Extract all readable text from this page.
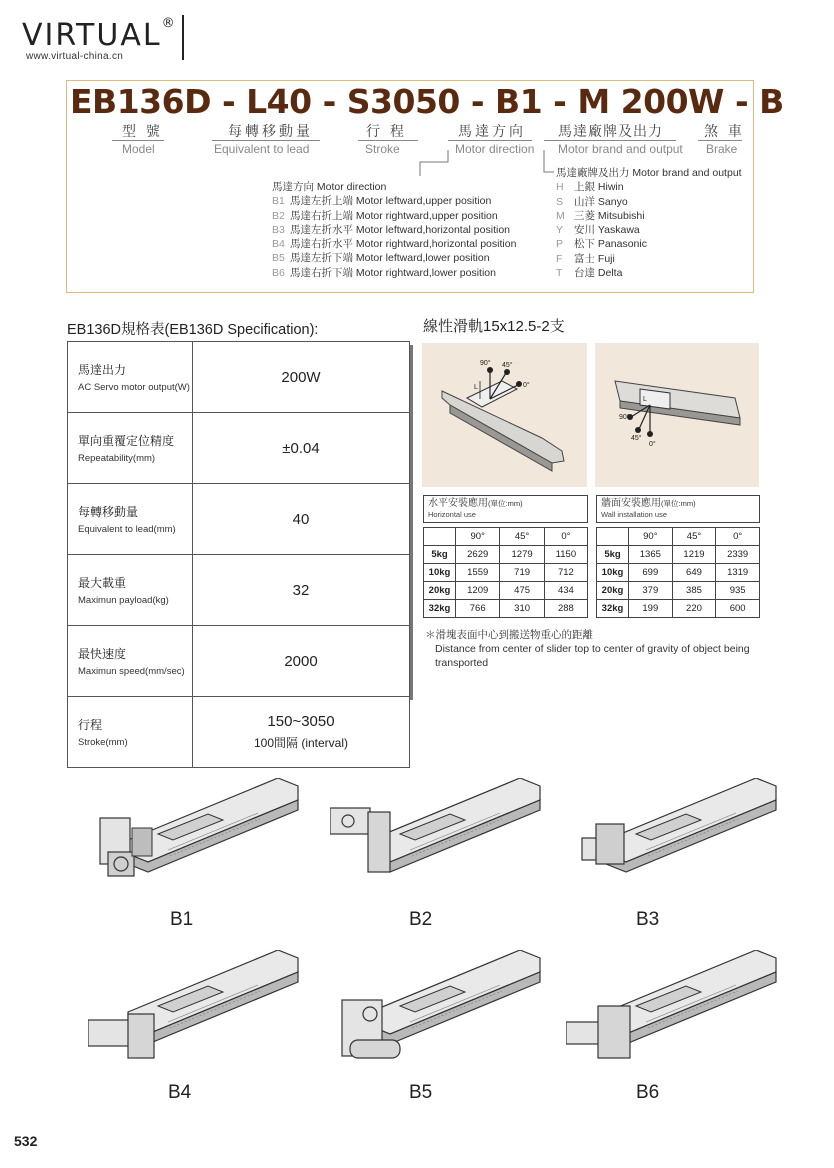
VIRTUAL®
www.virtual-china.cn
EB136D - L40 - S3050 - B1 - M 200W - B
型 號
Model
每轉移動量
Equivalent to lead
行 程
Stroke
馬達方向
Motor direction
馬達廠牌及出力
Motor brand and output
煞 車
Brake
馬達方向 Motor direction
B1 馬達左折上端 Motor leftward,upper position
B2 馬達右折上端 Motor rightward,upper position
B3 馬達左折水平 Motor leftward,horizontal position
B4 馬達右折水平 Motor rightward,horizontal position
B5 馬達左折下端 Motor leftward,lower position
B6 馬達右折下端 Motor rightward,lower position
馬達廠牌及出力 Motor brand and output
H 上銀 Hiwin
S 山洋 Sanyo
M 三菱 Mitsubishi
Y 安川 Yaskawa
P 松下 Panasonic
F 富士 Fuji
T 台達 Delta
EB136D規格表(EB136D Specification):
馬達出力
AC Servo motor output(W)	200W

單向重覆定位精度
Repeatability(mm)	±0.04

每轉移動量
Equivalent to lead(mm)	40

最大載重
Maximun payload(kg)	32

最快速度
Maximun speed(mm/sec)	2000

行程
Stroke(mm)	150~3050
100間隔 (interval)
線性滑軌15x12.5-2支
90° 45°
0°
L
90°
45°
0°
L
水平安裝應用(單位:mm)
Horizontal use
	90°	45°	0°
5kg	2629	1279	1150
10kg	1559	719	712
20kg	1209	475	434
32kg	766	310	288
牆面安裝應用(單位:mm)
Wall installation use
	90°	45°	0°
5kg	1365	1219	2339
10kg	699	649	1319
20kg	379	385	935
32kg	199	220	600
＊滑塊表面中心到搬送物重心的距離
Distance from center of slider top to center of gravity of object being transported
B1	B2	B3
B4	B5	B6
532
